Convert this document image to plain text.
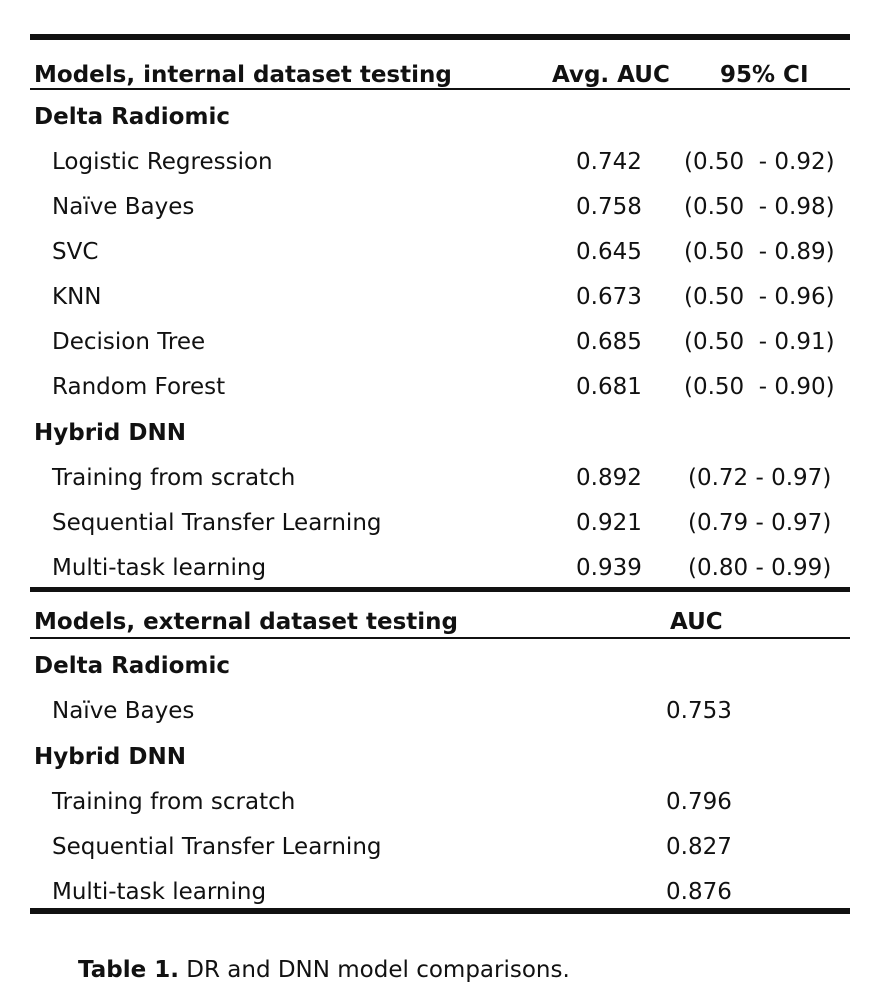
Models, internal dataset testing	Avg. AUC 95% CI
Delta Radiomic
Logistic Regression	0.742 (0.50  - 0.92)
Naïve Bayes	0.758 (0.50  - 0.98)
SVC	0.645 (0.50  - 0.89)
KNN	0.673 (0.50  - 0.96)
Decision Tree	0.685 (0.50  - 0.91)
Random Forest	0.681 (0.50  - 0.90)
Hybrid DNN
Training from scratch	0.892 (0.72 - 0.97)
Sequential Transfer Learning	0.921 (0.79 - 0.97)
Multi-task learning	0.939 (0.80 - 0.99)
Models, external dataset testing	AUC
Delta Radiomic
Naïve Bayes	0.753
Hybrid DNN
Training from scratch	0.796
Sequential Transfer Learning	0.827
Multi-task learning	0.876
Table 1. DR and DNN model comparisons.
